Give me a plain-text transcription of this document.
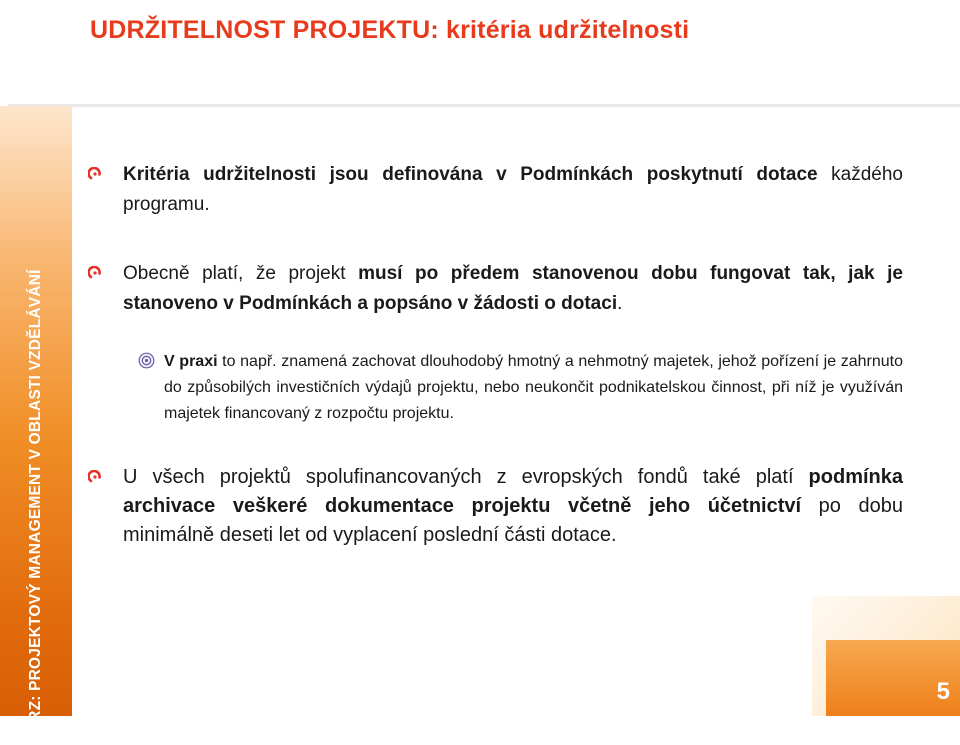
UDRŽITELNOST PROJEKTU: kritéria udržitelnosti
KURZ: PROJEKTOVÝ MANAGEMENT V OBLASTI VZDĚLÁVÁNÍ
Kritéria udržitelnosti jsou definována v Podmínkách poskytnutí dotace každého programu.
Obecně platí, že projekt musí po předem stanovenou dobu fungovat tak, jak je stanoveno v Podmínkách a popsáno v žádosti o dotaci.
V praxi to např. znamená zachovat dlouhodobý hmotný a nehmotný majetek, jehož pořízení je zahrnuto do způsobilých investičních výdajů projektu, nebo neukončit podnikatelskou činnost, při níž je využíván majetek financovaný z rozpočtu projektu.
U všech projektů spolufinancovaných z evropských fondů také platí podmínka archivace veškeré dokumentace projektu včetně jeho účetnictví po dobu minimálně deseti let od vyplacení poslední části dotace.
5
